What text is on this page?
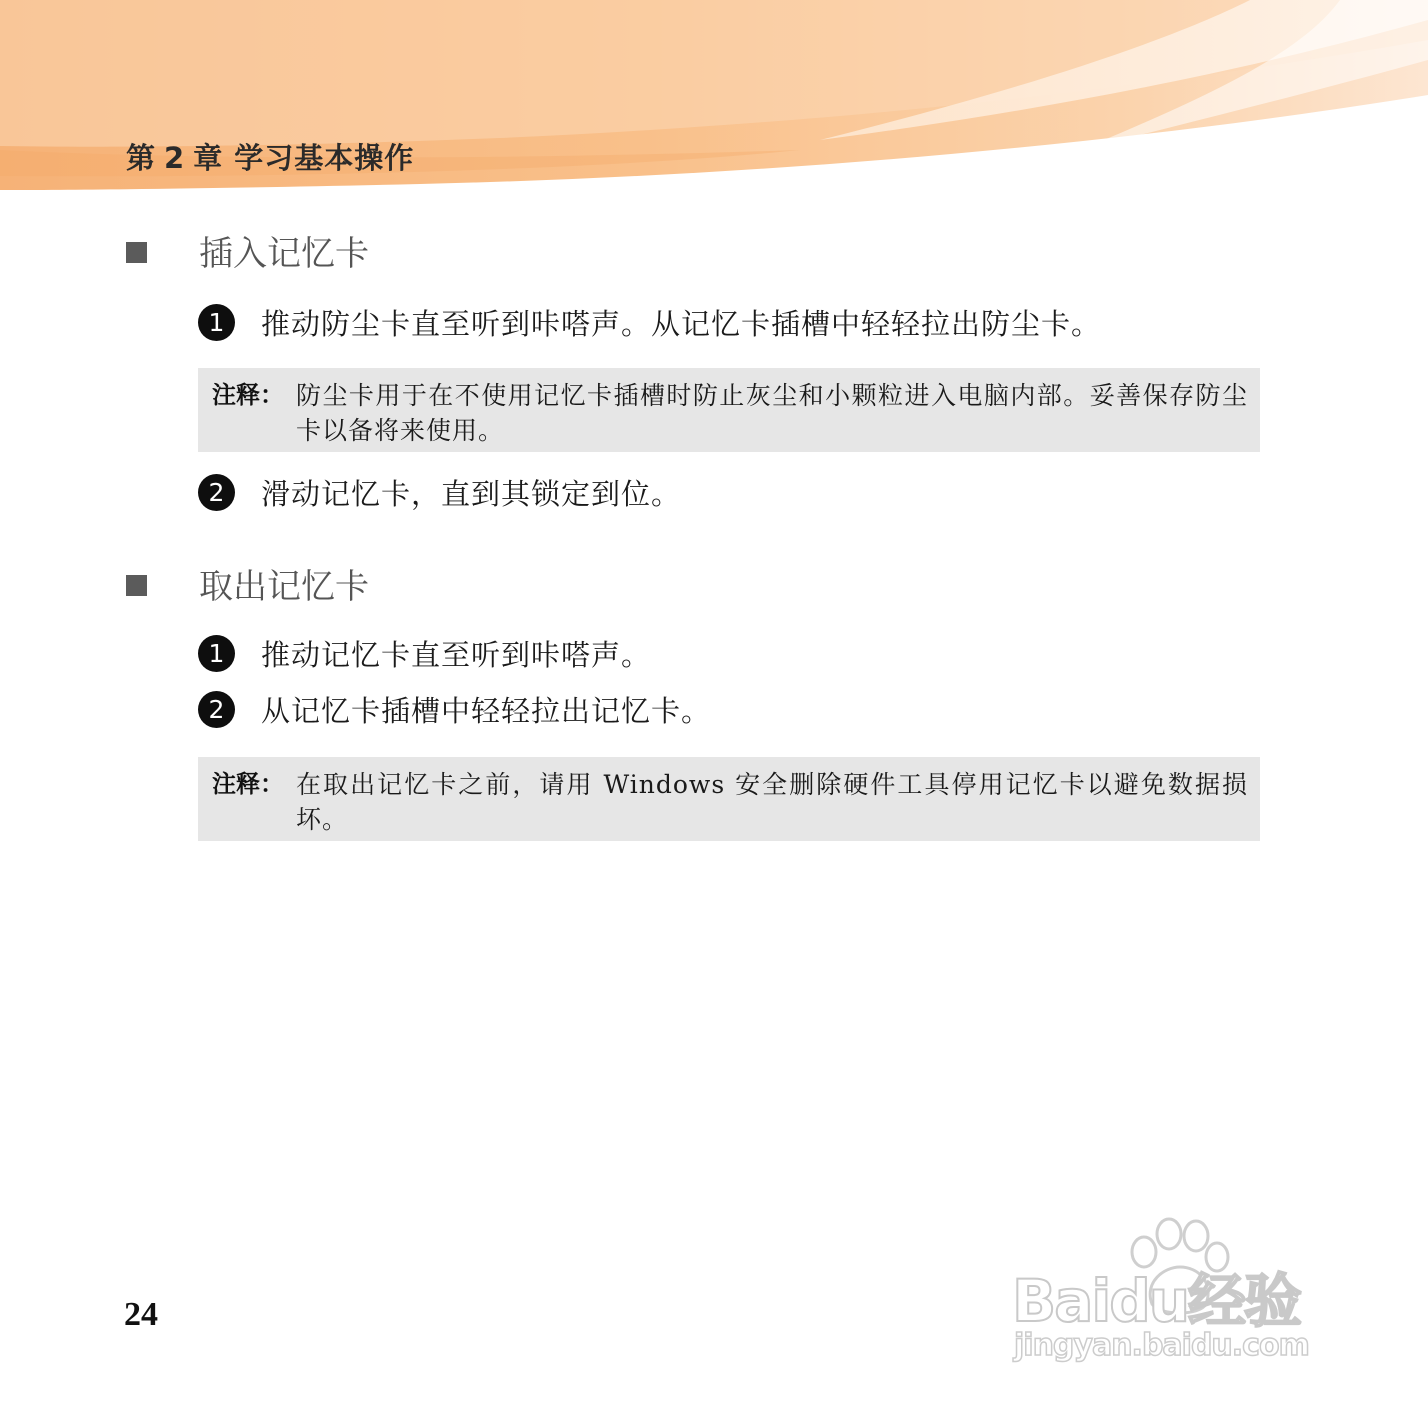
第 2 章 学习基本操作
插入记忆卡
1	推动防尘卡直至听到咔嗒声。从记忆卡插槽中轻轻拉出防尘卡。
注释： 防尘卡用于在不使用记忆卡插槽时防止灰尘和小颗粒进入电脑内部。妥善保存防尘卡以备将来使用。
2	滑动记忆卡，直到其锁定到位。
取出记忆卡
1	推动记忆卡直至听到咔嗒声。
2	从记忆卡插槽中轻轻拉出记忆卡。
注释： 在取出记忆卡之前，请用 Windows 安全删除硬件工具停用记忆卡以避免数据损坏。
24	Baidu经验
jingyan.baidu.com
